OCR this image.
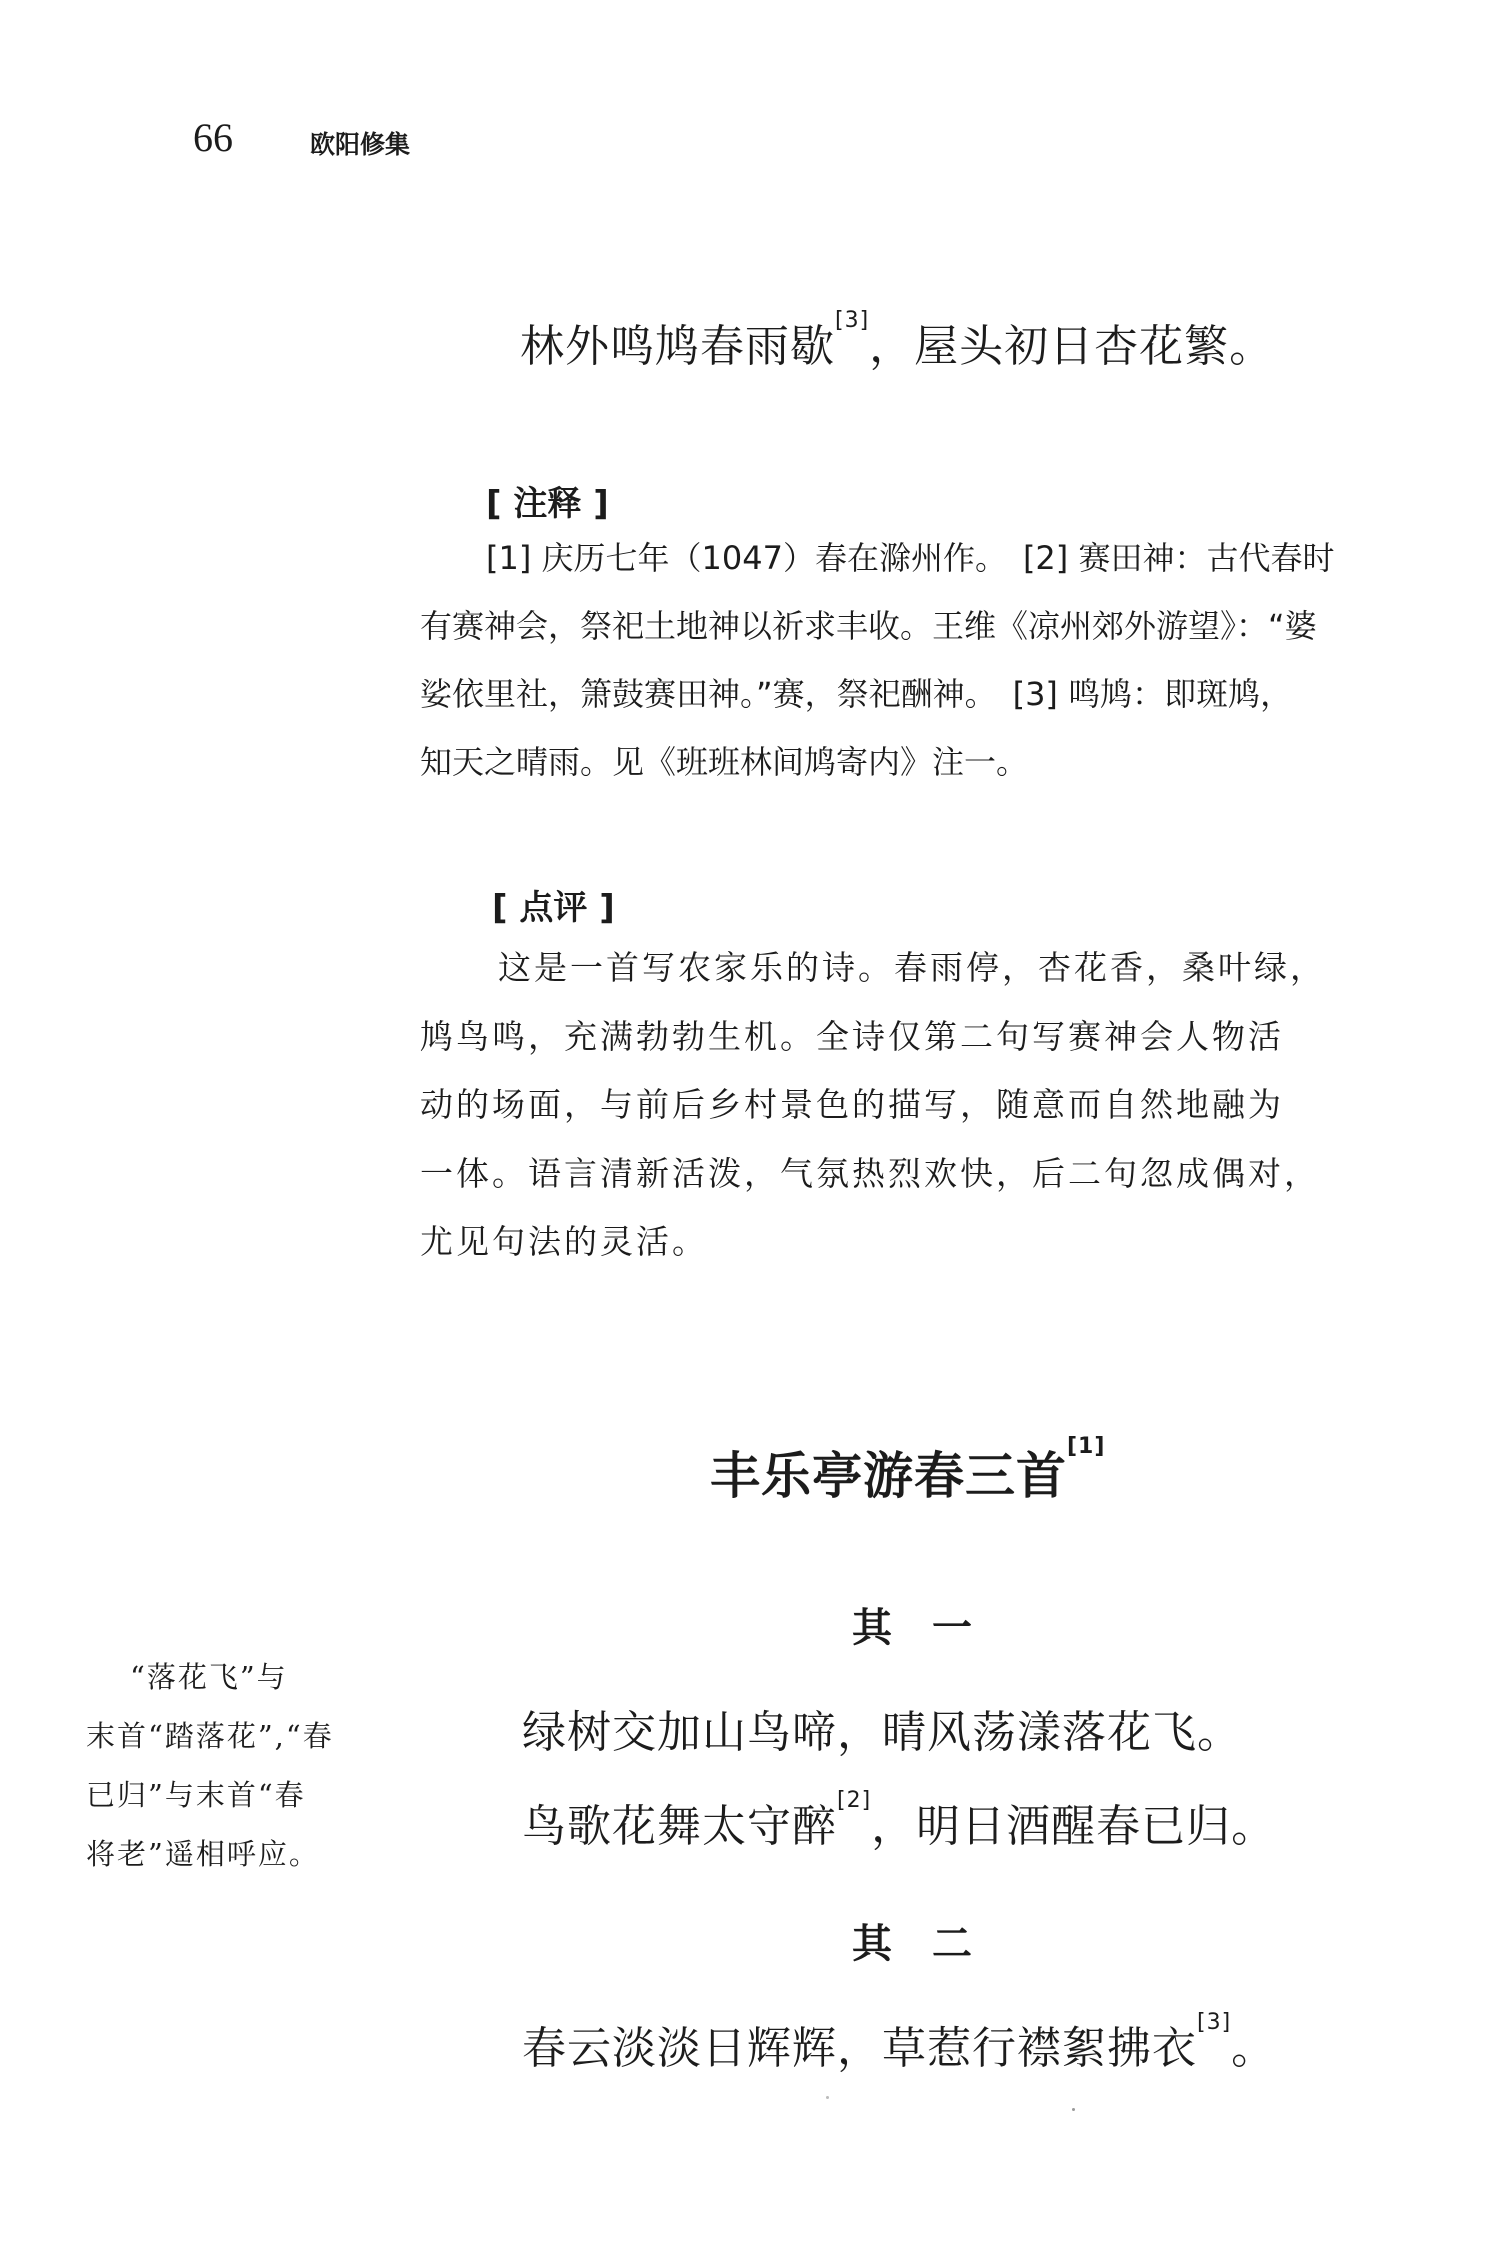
66	欧阳修集
林外鸣鸠春雨歇[3]，屋头初日杏花繁。
[ 注释 ]
[1] 庆历七年（1047）春在滁州作。　[2] 赛田神：古代春时
有赛神会，祭祀土地神以祈求丰收。王维《凉州郊外游望》：“婆
娑依里社，箫鼓赛田神。”赛，祭祀酬神。　[3] 鸣鸠：即斑鸠，
知天之晴雨。见《班班林间鸠寄内》注一。
[ 点评 ]
这是一首写农家乐的诗。春雨停，杏花香，桑叶绿，
鸠鸟鸣，充满勃勃生机。全诗仅第二句写赛神会人物活
动的场面，与前后乡村景色的描写，随意而自然地融为
一体。语言清新活泼，气氛热烈欢快，后二句忽成偶对，
尤见句法的灵活。
丰乐亭游春三首[1]
其　一
绿树交加山鸟啼，晴风荡漾落花飞。
鸟歌花舞太守醉[2]，明日酒醒春已归。
其　二
春云淡淡日辉辉，草惹行襟絮拂衣[3]。
“落花飞”与
末首“踏落花”,“春
已归”与末首“春
将老”遥相呼应。
